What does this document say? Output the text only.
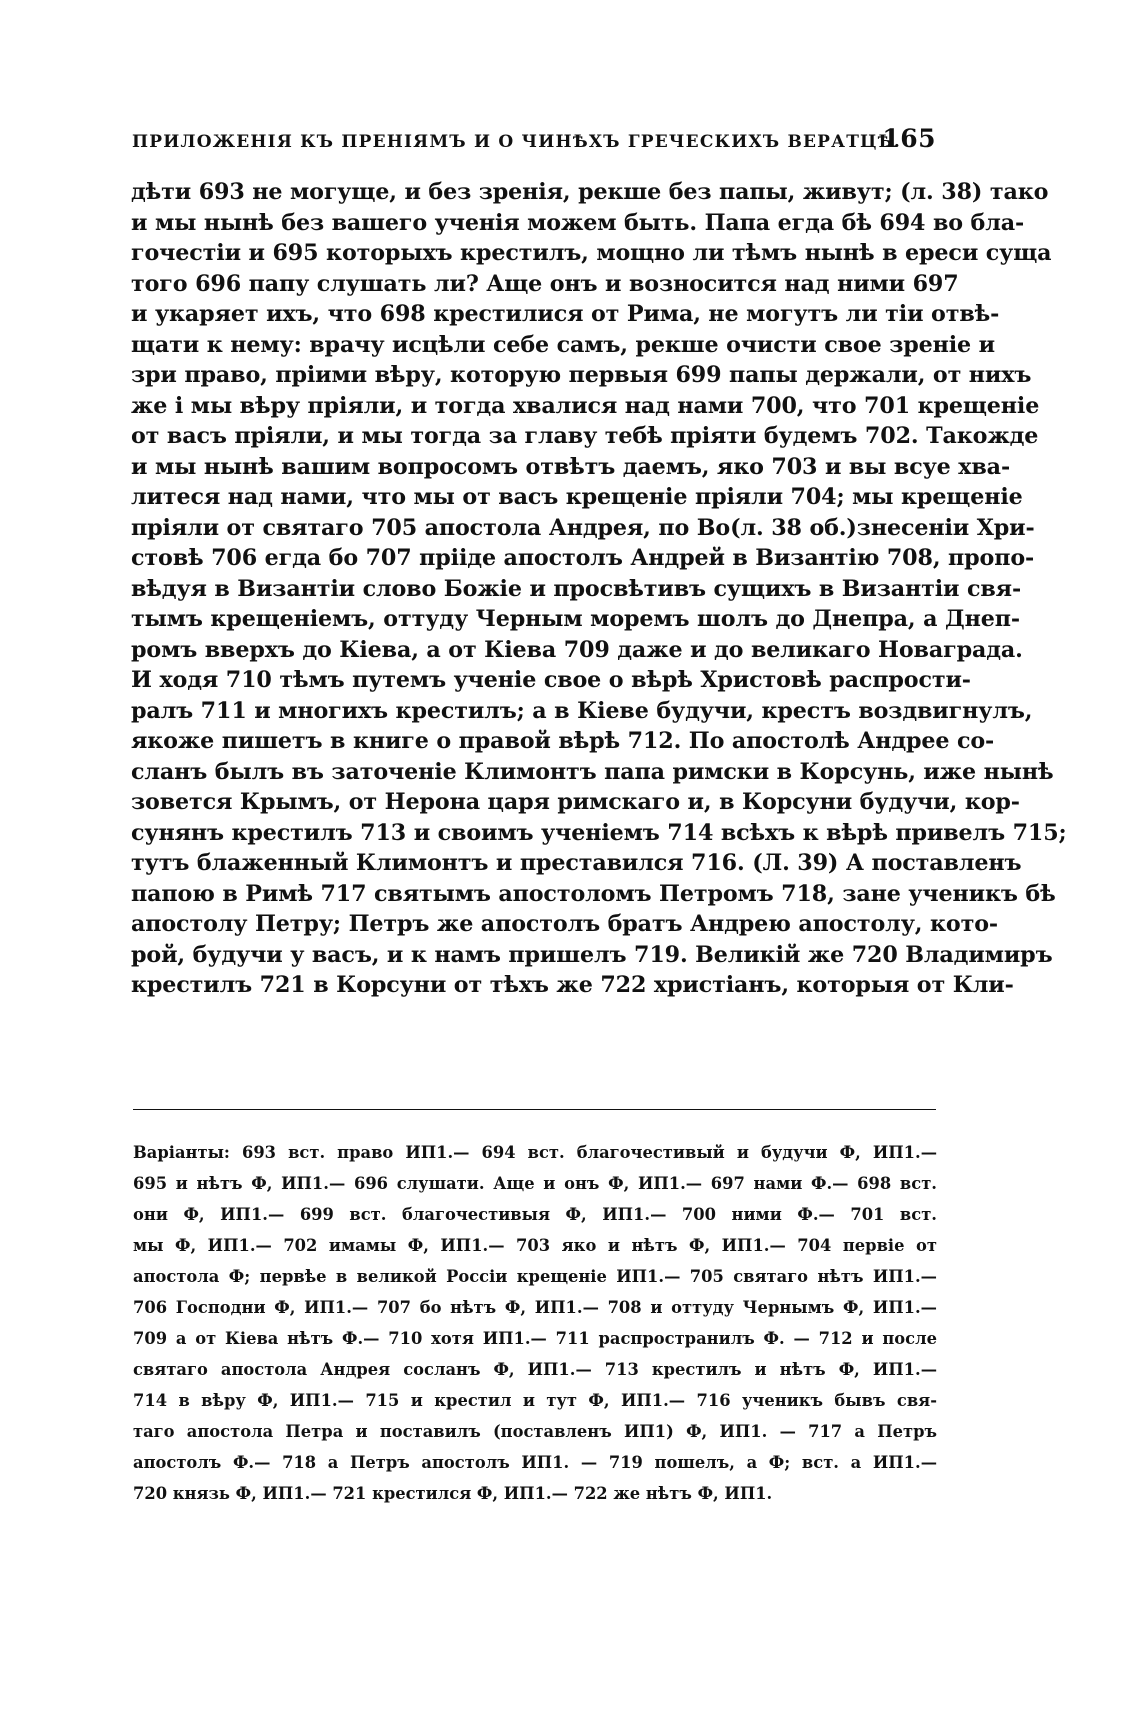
ПРИЛОЖЕНІЯ КЪ ПРЕНІЯМЪ И О ЧИНѢХЪ ГРЕЧЕСКИХЪ ВЕРАТЦѢ.
165
дѣти 693 не могуще, и без зренія, рекше без папы, живут; (л. 38) тако
и мы нынѣ без вашего ученія можем быть. Папа егда бѣ 694 во бла-
гочестіи и 695 которыхъ крестилъ, мощно ли тѣмъ нынѣ в ереси суща
того 696 папу слушать ли? Аще онъ и возносится над ними 697
и укаряет ихъ, что 698 крестилися от Рима, не могутъ ли тіи отвѣ-
щати к нему: врачу исцѣли себе самъ, рекше очисти свое зреніе и
зри право, пріими вѣру, которую первыя 699 папы держали, от нихъ
же і мы вѣру пріяли, и тогда хвалися над нами 700, что 701 крещеніе
от васъ пріяли, и мы тогда за главу тебѣ пріяти будемъ 702. Такожде
и мы нынѣ вашим вопросомъ отвѣтъ даемъ, яко 703 и вы всуе хва-
литеся над нами, что мы от васъ крещеніе пріяли 704; мы крещеніе
пріяли от святаго 705 апостола Андрея, по Во(л. 38 об.)знесеніи Хри-
стовѣ 706 егда бо 707 прііде апостолъ Андрей в Византію 708, пропо-
вѣдуя в Византіи слово Божіе и просвѣтивъ сущихъ в Византіи свя-
тымъ крещеніемъ, оттуду Черным моремъ шолъ до Днепра, а Днеп-
ромъ вверхъ до Кіева, а от Кіева 709 даже и до великаго Новаграда.
И ходя 710 тѣмъ путемъ ученіе свое о вѣрѣ Христовѣ распрости-
ралъ 711 и многихъ крестилъ; а в Кіеве будучи, крестъ воздвигнулъ,
якоже пишетъ в книге о правой вѣрѣ 712. По апостолѣ Андрее со-
сланъ былъ въ заточеніе Климонтъ папа римски в Корсунь, иже нынѣ
зовется Крымъ, от Нерона царя римскаго и, в Корсуни будучи, кор-
сунянъ крестилъ 713 и своимъ ученіемъ 714 всѣхъ к вѣрѣ привелъ 715;
тутъ блаженный Климонтъ и преставился 716. (Л. 39) А поставленъ
папою в Римѣ 717 святымъ апостоломъ Петромъ 718, зане ученикъ бѣ
апостолу Петру; Петръ же апостолъ братъ Андрею апостолу, кото-
рой, будучи у васъ, и к намъ пришелъ 719. Великій же 720 Владимиръ
крестилъ 721 в Корсуни от тѣхъ же 722 христіанъ, которыя от Кли-
Варіанты: 693 вст. право ИП1.— 694 вст. благочестивый и будучи Ф, ИП1.—
695 и нѣтъ Ф, ИП1.— 696 слушати. Аще и онъ Ф, ИП1.— 697 нами Ф.— 698 вст.
они Ф, ИП1.— 699 вст. благочестивыя Ф, ИП1.— 700 ними Ф.— 701 вст.
мы Ф, ИП1.— 702 имамы Ф, ИП1.— 703 яко и нѣтъ Ф, ИП1.— 704 первіе от
апостола Ф; первѣе в великой Россіи крещеніе ИП1.— 705 святаго нѣтъ ИП1.—
706 Господни Ф, ИП1.— 707 бо нѣтъ Ф, ИП1.— 708 и оттуду Чернымъ Ф, ИП1.—
709 а от Кіева нѣтъ Ф.— 710 хотя ИП1.— 711 распространилъ Ф. — 712 и после
святаго апостола Андрея сосланъ Ф, ИП1.— 713 крестилъ и нѣтъ Ф, ИП1.—
714 в вѣру Ф, ИП1.— 715 и крестил и тут Ф, ИП1.— 716 ученикъ бывъ свя-
таго апостола Петра и поставилъ (поставленъ ИП1) Ф, ИП1. — 717 а Петръ
апостолъ Ф.— 718 а Петръ апостолъ ИП1. — 719 пошелъ, а Ф; вст. а ИП1.—
720 князь Ф, ИП1.— 721 крестился Ф, ИП1.— 722 же нѣтъ Ф, ИП1.
